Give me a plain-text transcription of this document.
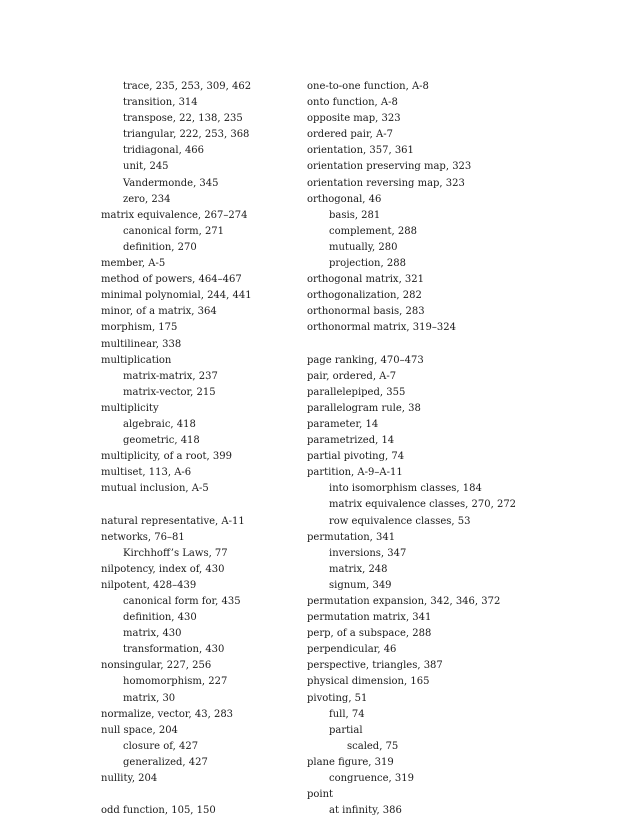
trace, 235, 253, 309, 462
transition, 314
transpose, 22, 138, 235
triangular, 222, 253, 368
tridiagonal, 466
unit, 245
Vandermonde, 345
zero, 234
matrix equivalence, 267–274
canonical form, 271
definition, 270
member, A-5
method of powers, 464–467
minimal polynomial, 244, 441
minor, of a matrix, 364
morphism, 175
multilinear, 338
multiplication
matrix-matrix, 237
matrix-vector, 215
multiplicity
algebraic, 418
geometric, 418
multiplicity, of a root, 399
multiset, 113, A-6
mutual inclusion, A-5
natural representative, A-11
networks, 76–81
Kirchhoff’s Laws, 77
nilpotency, index of, 430
nilpotent, 428–439
canonical form for, 435
definition, 430
matrix, 430
transformation, 430
nonsingular, 227, 256
homomorphism, 227
matrix, 30
normalize, vector, 43, 283
null space, 204
closure of, 427
generalized, 427
nullity, 204
odd function, 105, 150
one-to-one function, A-8
onto function, A-8
opposite map, 323
ordered pair, A-7
orientation, 357, 361
orientation preserving map, 323
orientation reversing map, 323
orthogonal, 46
basis, 281
complement, 288
mutually, 280
projection, 288
orthogonal matrix, 321
orthogonalization, 282
orthonormal basis, 283
orthonormal matrix, 319–324
page ranking, 470–473
pair, ordered, A-7
parallelepiped, 355
parallelogram rule, 38
parameter, 14
parametrized, 14
partial pivoting, 74
partition, A-9–A-11
into isomorphism classes, 184
matrix equivalence classes, 270, 272
row equivalence classes, 53
permutation, 341
inversions, 347
matrix, 248
signum, 349
permutation expansion, 342, 346, 372
permutation matrix, 341
perp, of a subspace, 288
perpendicular, 46
perspective, triangles, 387
physical dimension, 165
pivoting, 51
full, 74
partial
scaled, 75
plane figure, 319
congruence, 319
point
at infinity, 386
